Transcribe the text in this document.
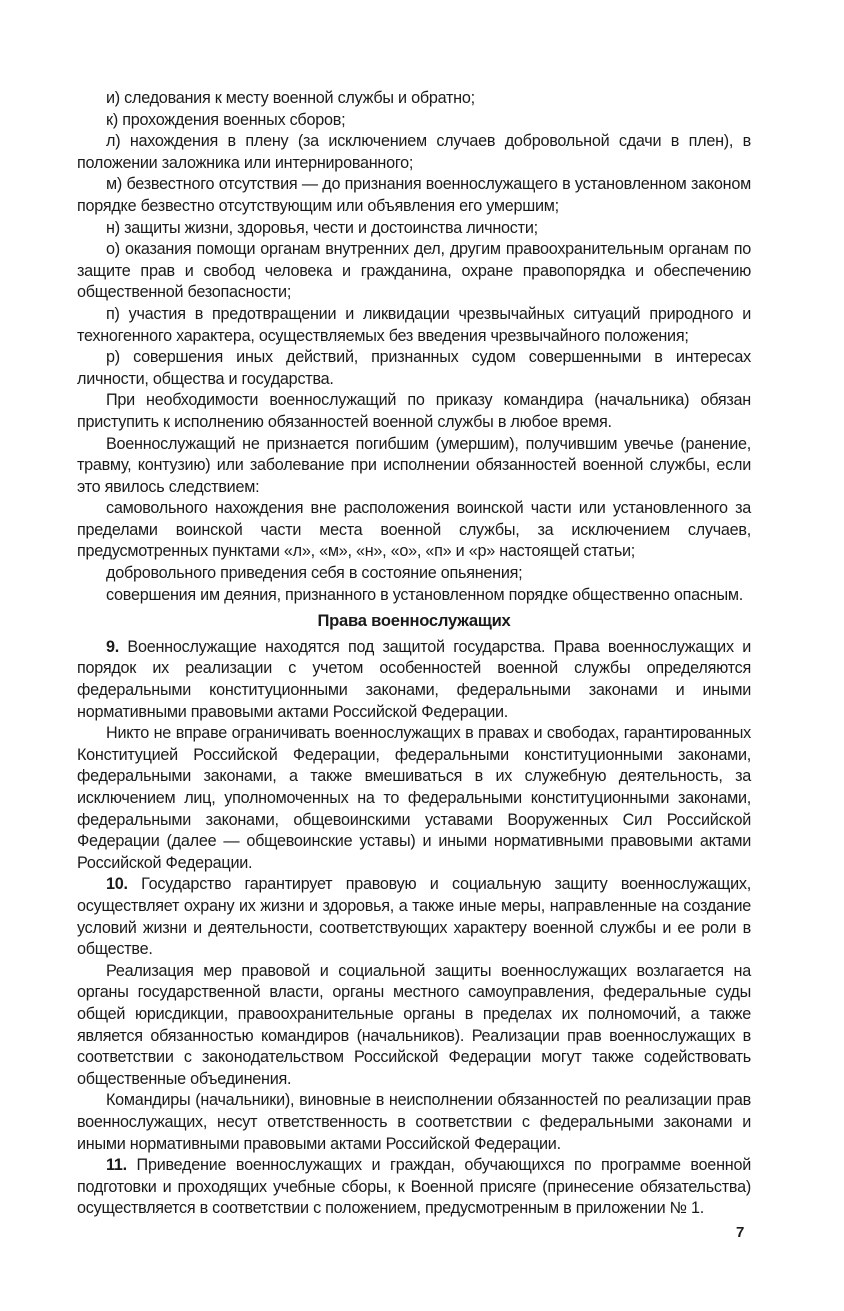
и) следования к месту военной службы и обратно;

к) прохождения военных сборов;

л) нахождения в плену (за исключением случаев добровольной сдачи в плен), в положении заложника или интернированного;

м) безвестного отсутствия — до признания военнослужащего в установленном законом порядке безвестно отсутствующим или объявления его умершим;

н) защиты жизни, здоровья, чести и достоинства личности;

о) оказания помощи органам внутренних дел, другим правоохранительным органам по защите прав и свобод человека и гражданина, охране правопорядка и обеспечению общественной безопасности;

п) участия в предотвращении и ликвидации чрезвычайных ситуаций природного и техногенного характера, осуществляемых без введения чрезвычайного положения;

р) совершения иных действий, признанных судом совершенными в интересах личности, общества и государства.

При необходимости военнослужащий по приказу командира (начальника) обязан приступить к исполнению обязанностей военной службы в любое время.

Военнослужащий не признается погибшим (умершим), получившим увечье (ранение, травму, контузию) или заболевание при исполнении обязанностей военной службы, если это явилось следствием:

самовольного нахождения вне расположения воинской части или установленного за пределами воинской части места военной службы, за исключением случаев, предусмотренных пунктами «л», «м», «н», «о», «п» и «р» настоящей статьи;

добровольного приведения себя в состояние опьянения;

совершения им деяния, признанного в установленном порядке общественно опасным.

Права военнослужащих

9. Военнослужащие находятся под защитой государства. Права военнослужащих и порядок их реализации с учетом особенностей военной службы определяются федеральными конституционными законами, федеральными законами и иными нормативными правовыми актами Российской Федерации.

Никто не вправе ограничивать военнослужащих в правах и свободах, гарантированных Конституцией Российской Федерации, федеральными конституционными законами, федеральными законами, а также вмешиваться в их служебную деятельность, за исключением лиц, уполномоченных на то федеральными конституционными законами, федеральными законами, общевоинскими уставами Вооруженных Сил Российской Федерации (далее — общевоинские уставы) и иными нормативными правовыми актами Российской Федерации.

10. Государство гарантирует правовую и социальную защиту военнослужащих, осуществляет охрану их жизни и здоровья, а также иные меры, направленные на создание условий жизни и деятельности, соответствующих характеру военной службы и ее роли в обществе.

Реализация мер правовой и социальной защиты военнослужащих возлагается на органы государственной власти, органы местного самоуправления, федеральные суды общей юрисдикции, правоохранительные органы в пределах их полномочий, а также является обязанностью командиров (начальников). Реализации прав военнослужащих в соответствии с законодательством Российской Федерации могут также содействовать общественные объединения.

Командиры (начальники), виновные в неисполнении обязанностей по реализации прав военнослужащих, несут ответственность в соответствии с федеральными законами и иными нормативными правовыми актами Российской Федерации.

11. Приведение военнослужащих и граждан, обучающихся по программе военной подготовки и проходящих учебные сборы, к Военной присяге (принесение обязательства) осуществляется в соответствии с положением, предусмотренным в приложении № 1.

7
